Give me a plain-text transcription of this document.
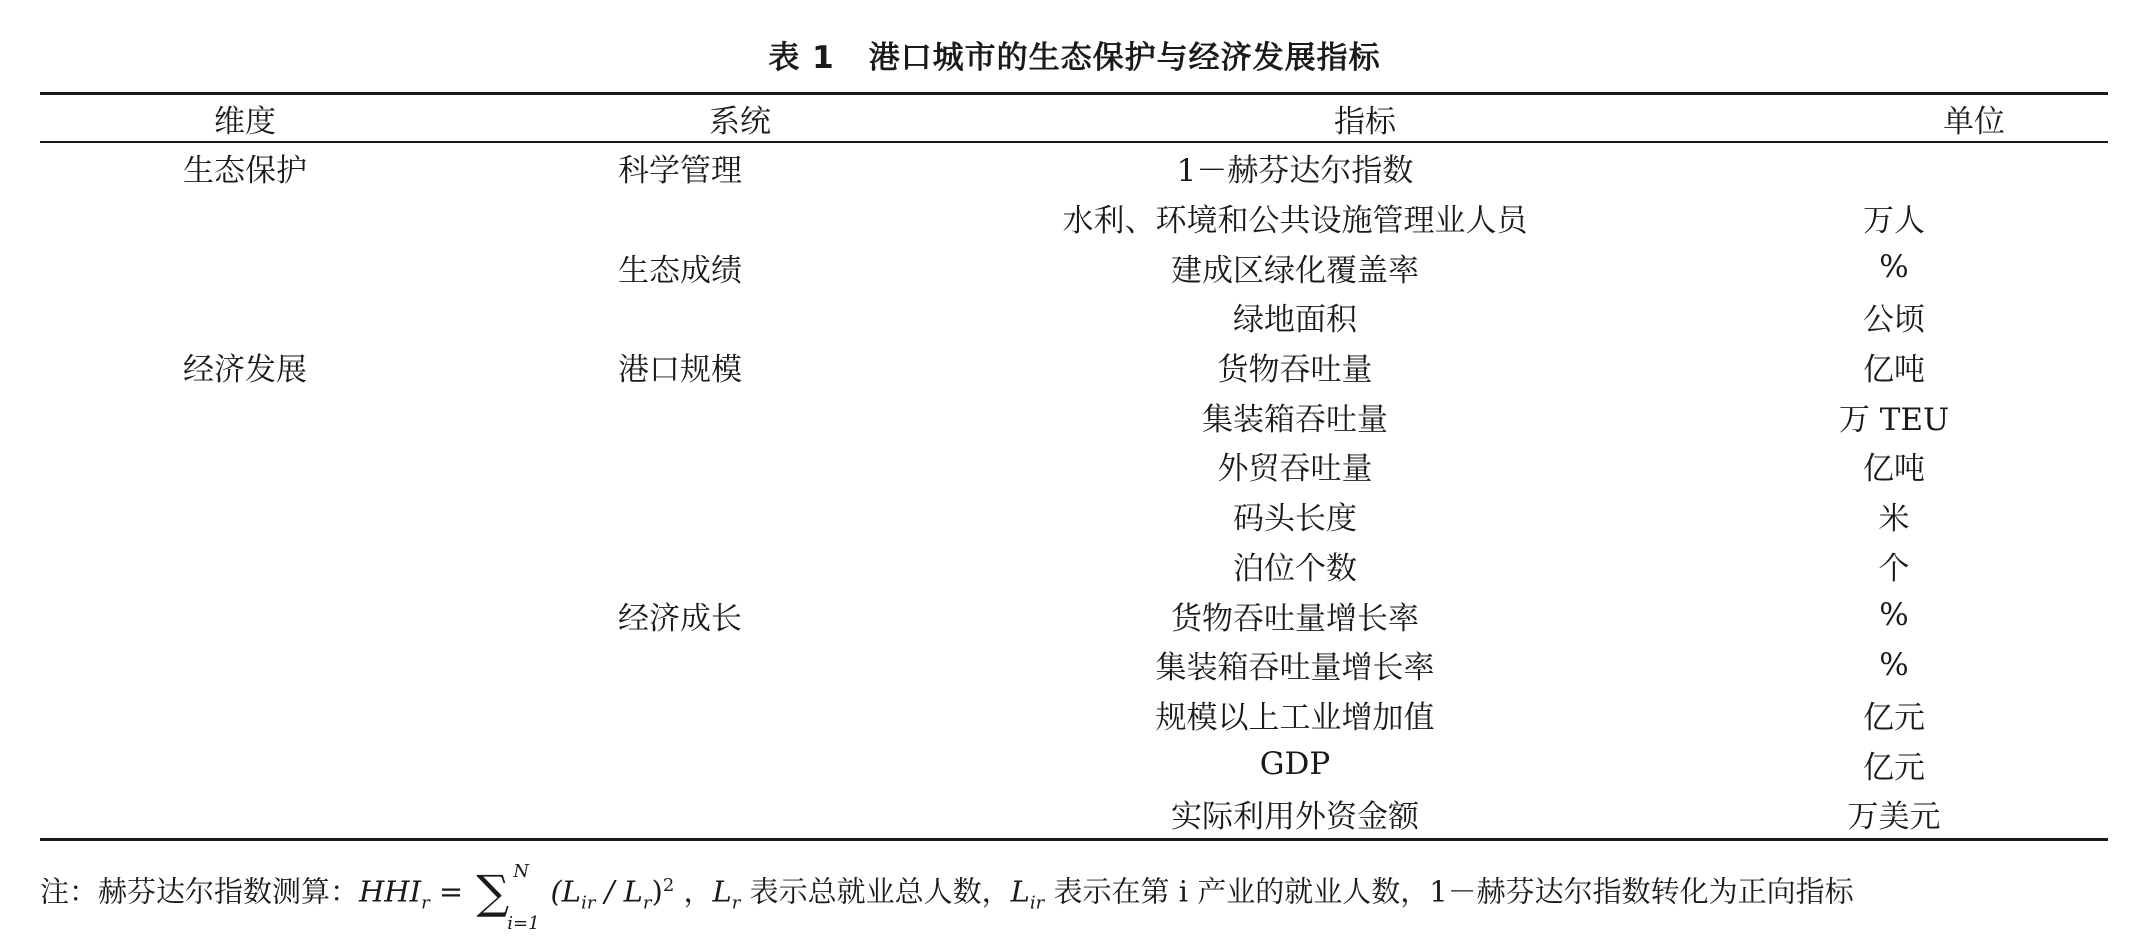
表 1 港口城市的生态保护与经济发展指标
维度	系统	指标	单位
生态保护	科学管理	1－赫芬达尔指数	
		水利、环境和公共设施管理业人员	万人
	生态成绩	建成区绿化覆盖率	%
		绿地面积	公顷
经济发展	港口规模	货物吞吐量	亿吨
		集装箱吞吐量	万 TEU
		外贸吞吐量	亿吨
		码头长度	米
		泊位个数	个
	经济成长	货物吞吐量增长率	%
		集装箱吞吐量增长率	%
		规模以上工业增加值	亿元
		GDP	亿元
		实际利用外资金额	万美元
注：赫芬达尔指数测算：$HHI_r$ = ∑ N
i=1
$(L_{ir} / L_r)^2$ ，$L_r$ 表示总就业总人数，$L_{ir}$ 表示在第 i 产业的就业人数，1－赫芬达尔指数转化为正向指标
